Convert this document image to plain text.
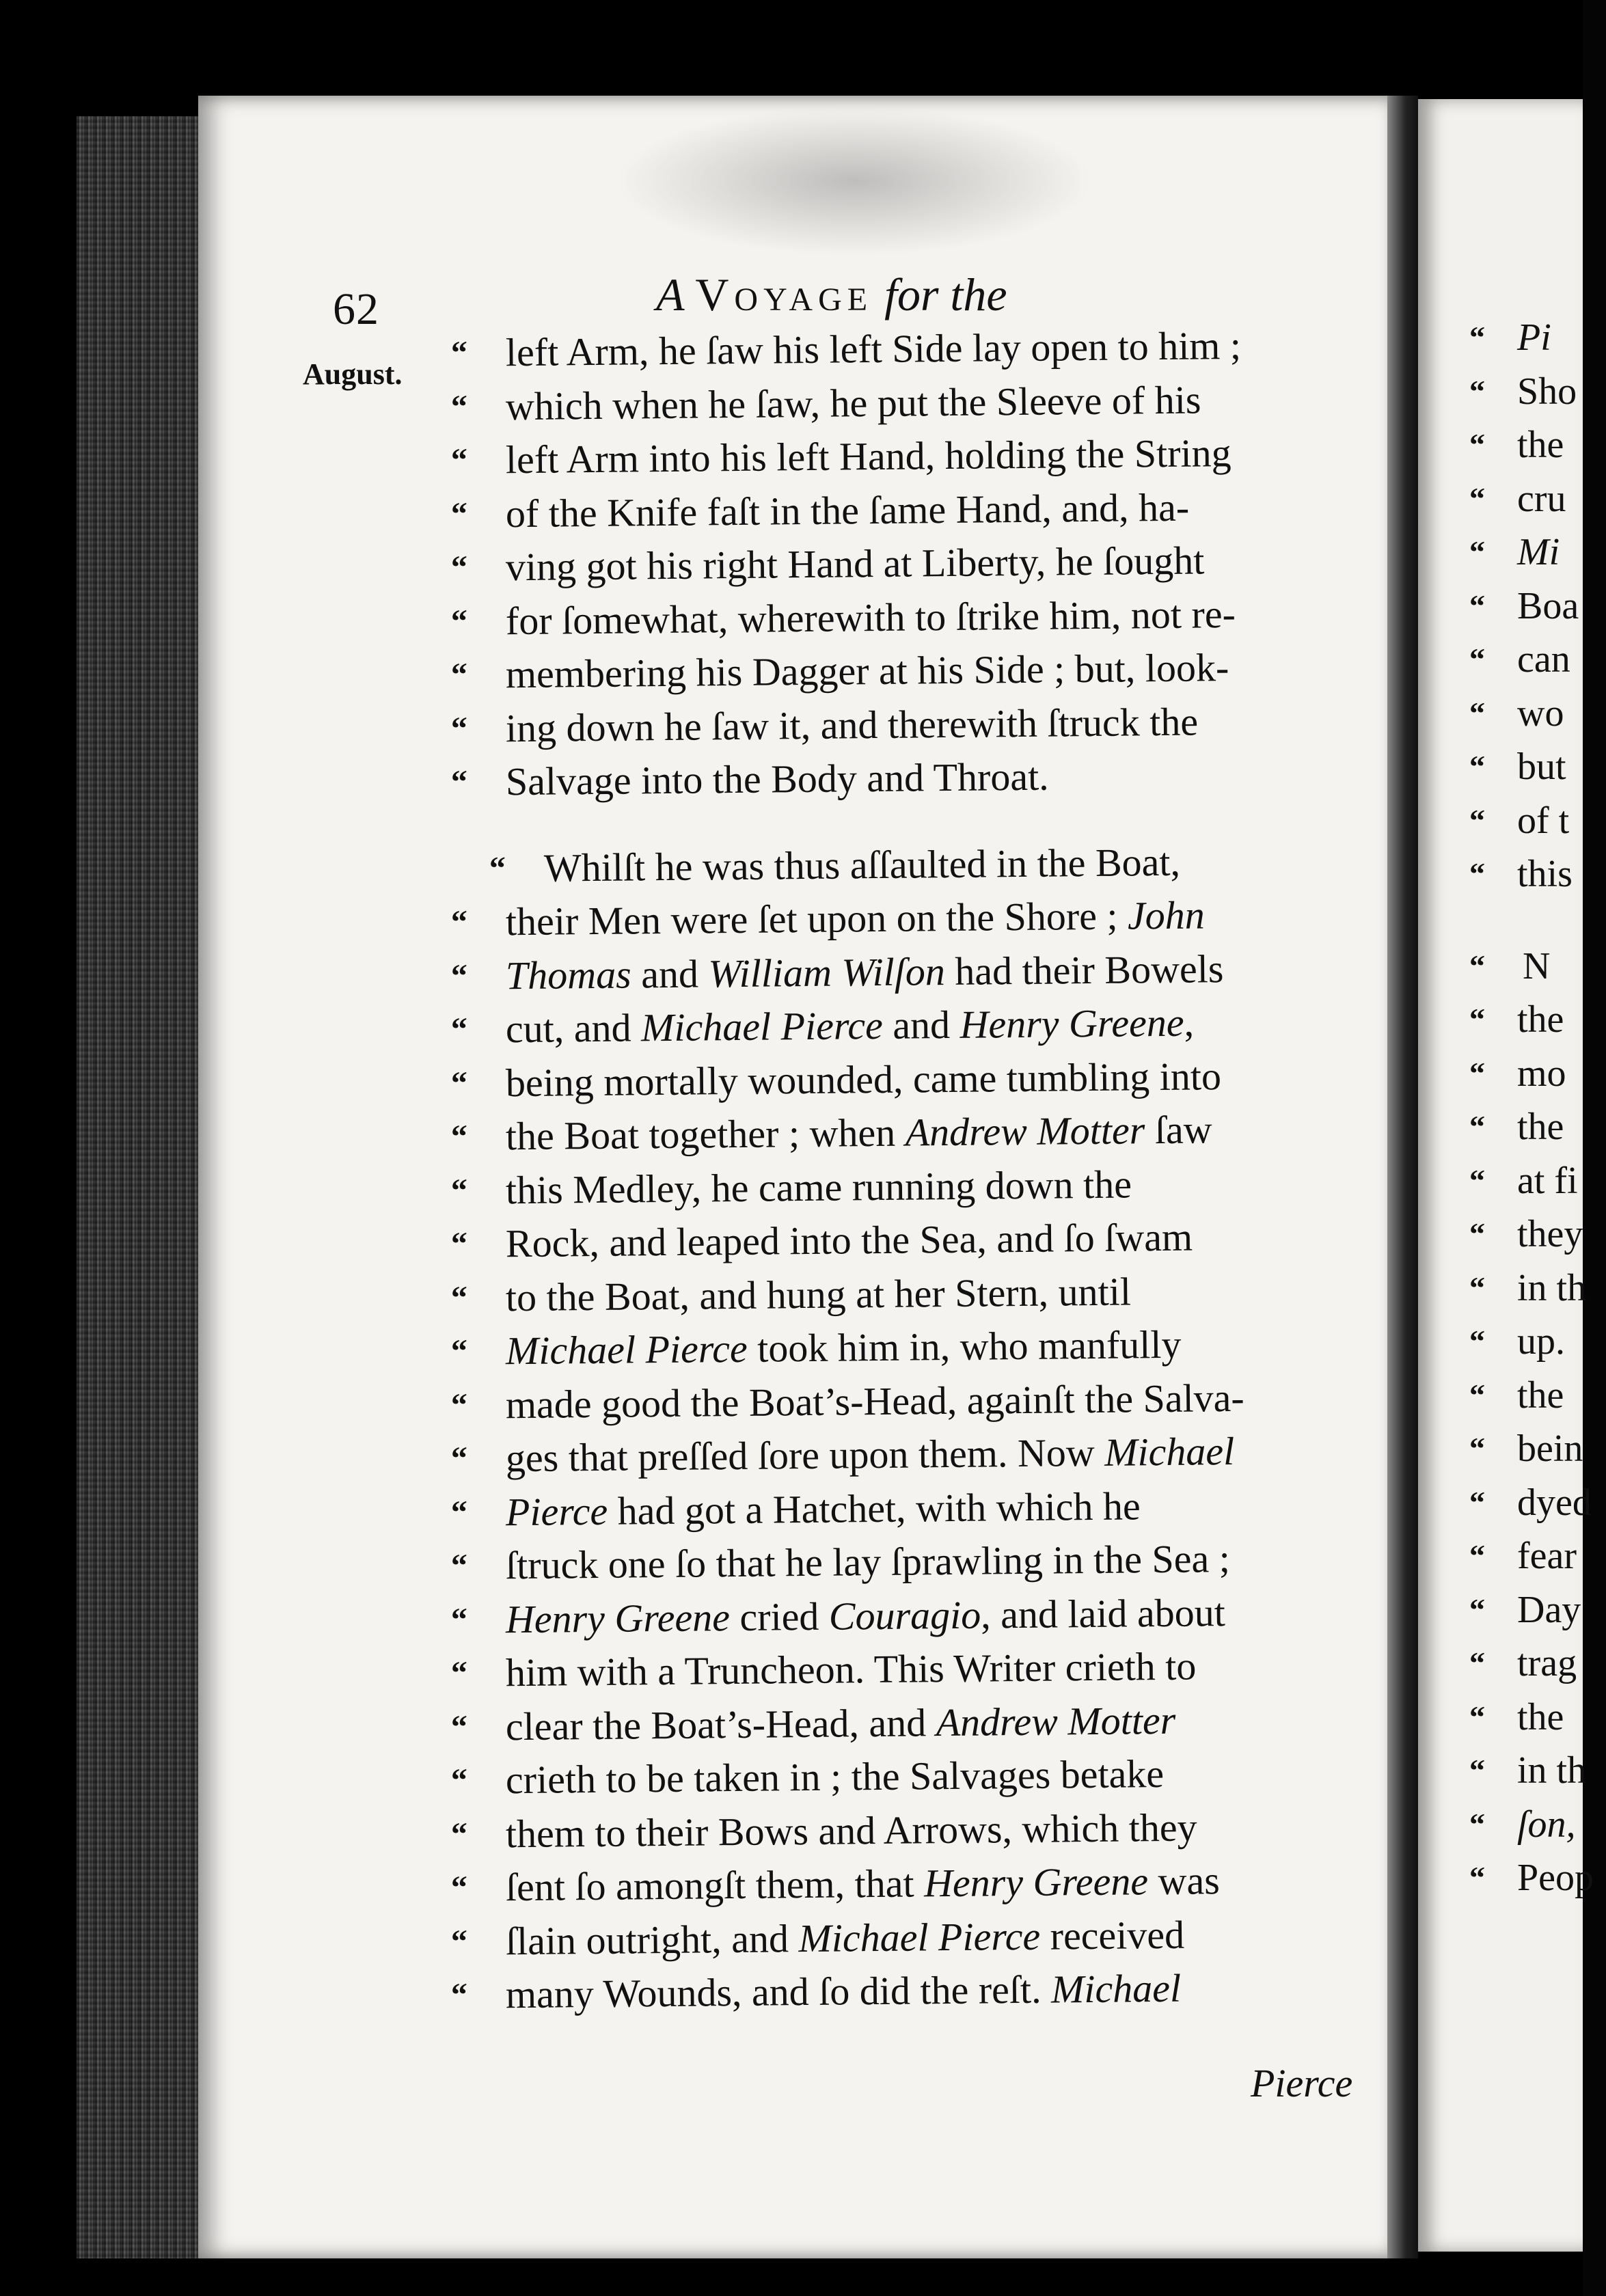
62	A Voyage for the
August.
“ left Arm, he ſaw his left Side lay open to him ;
“ which when he ſaw, he put the Sleeve of his
“ left Arm into his left Hand, holding the String
“ of the Knife faſt in the ſame Hand, and, ha-
“ ving got his right Hand at Liberty, he ſought
“ for ſomewhat, wherewith to ſtrike him, not re-
“ membering his Dagger at his Side ; but, look-
“ ing down he ſaw it, and therewith ſtruck the
“ Salvage into the Body and Throat.
“ Whilſt he was thus aſſaulted in the Boat,
“ their Men were ſet upon on the Shore ; John
“ Thomas and William Wilſon had their Bowels
“ cut, and Michael Pierce and Henry Greene,
“ being mortally wounded, came tumbling into
“ the Boat together ; when Andrew Motter ſaw
“ this Medley, he came running down the
“ Rock, and leaped into the Sea, and ſo ſwam
“ to the Boat, and hung at her Stern, until
“ Michael Pierce took him in, who manfully
“ made good the Boat’s-Head, againſt the Salva-
“ ges that preſſed ſore upon them. Now Michael
“ Pierce had got a Hatchet, with which he
“ ſtruck one ſo that he lay ſprawling in the Sea ;
“ Henry Greene cried Couragio, and laid about
“ him with a Truncheon. This Writer crieth to
“ clear the Boat’s-Head, and Andrew Motter
“ crieth to be taken in ; the Salvages betake
“ them to their Bows and Arrows, which they
“ ſent ſo amongſt them, that Henry Greene was
“ ſlain outright, and Michael Pierce received
“ many Wounds, and ſo did the reſt. Michael
Pierce
“ Pi
“ Sho
“ the
“ cru
“ Mi
“ Boa
“ can
“ wo
“ but
“ of t
“ this
“ N
“ the
“ mo
“ the
“ at fi
“ they
“ in th
“ up.
“ the
“ bein
“ dyed
“ fear
“ Day
“ trag
“ the
“ in th
“ ſon,
“ Peop
